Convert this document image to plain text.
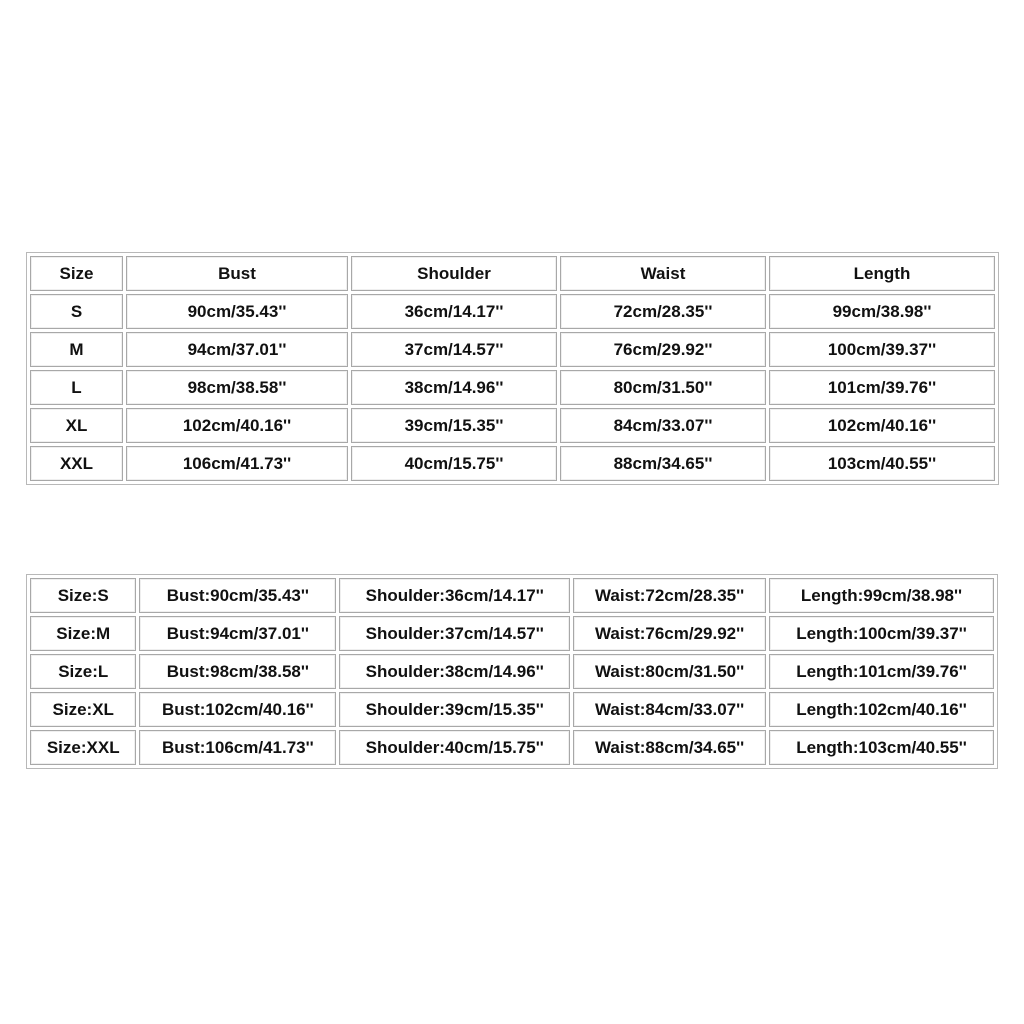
Size	Bust	Shoulder	Waist	Length
S	90cm/35.43''	36cm/14.17''	72cm/28.35''	99cm/38.98''
M	94cm/37.01''	37cm/14.57''	76cm/29.92''	100cm/39.37''
L	98cm/38.58''	38cm/14.96''	80cm/31.50''	101cm/39.76''
XL	102cm/40.16''	39cm/15.35''	84cm/33.07''	102cm/40.16''
XXL	106cm/41.73''	40cm/15.75''	88cm/34.65''	103cm/40.55''
Size:S	Bust:90cm/35.43''	Shoulder:36cm/14.17''	Waist:72cm/28.35''	Length:99cm/38.98''
Size:M	Bust:94cm/37.01''	Shoulder:37cm/14.57''	Waist:76cm/29.92''	Length:100cm/39.37''
Size:L	Bust:98cm/38.58''	Shoulder:38cm/14.96''	Waist:80cm/31.50''	Length:101cm/39.76''
Size:XL	Bust:102cm/40.16''	Shoulder:39cm/15.35''	Waist:84cm/33.07''	Length:102cm/40.16''
Size:XXL	Bust:106cm/41.73''	Shoulder:40cm/15.75''	Waist:88cm/34.65''	Length:103cm/40.55''
